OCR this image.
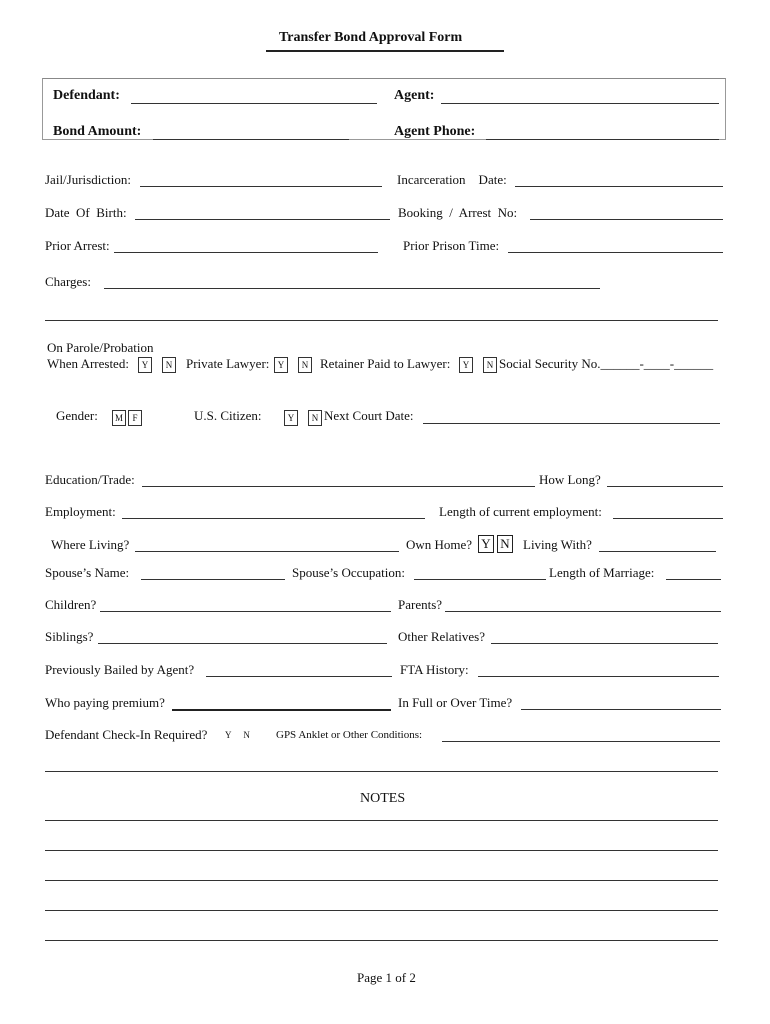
Transfer Bond Approval Form
Defendant:	Agent:
Bond Amount:	Agent Phone:
Jail/Jurisdiction:	Incarceration    Date:
Date  Of  Birth:	Booking  /  Arrest  No:
Prior Arrest:	Prior Prison Time:
Charges:
On Parole/Probation
When Arrested:	Y N Private Lawyer: Y N Retainer Paid to Lawyer:	Y N Social Security No.______-____-______
Gender:	M F	U.S. Citizen:	Y N Next Court Date:
Education/Trade:	How Long?
Employment:	Length of current employment:
Where Living?	Own Home? Y N Living With?
Spouse’s Name:	Spouse’s Occupation:	Length of Marriage:
Children?	Parents?
Siblings?	Other Relatives?
Previously Bailed by Agent?	FTA History:
Who paying premium?	In Full or Over Time?
Defendant Check-In Required? Y N GPS Anklet or Other Conditions:
NOTES
Page 1 of 2
